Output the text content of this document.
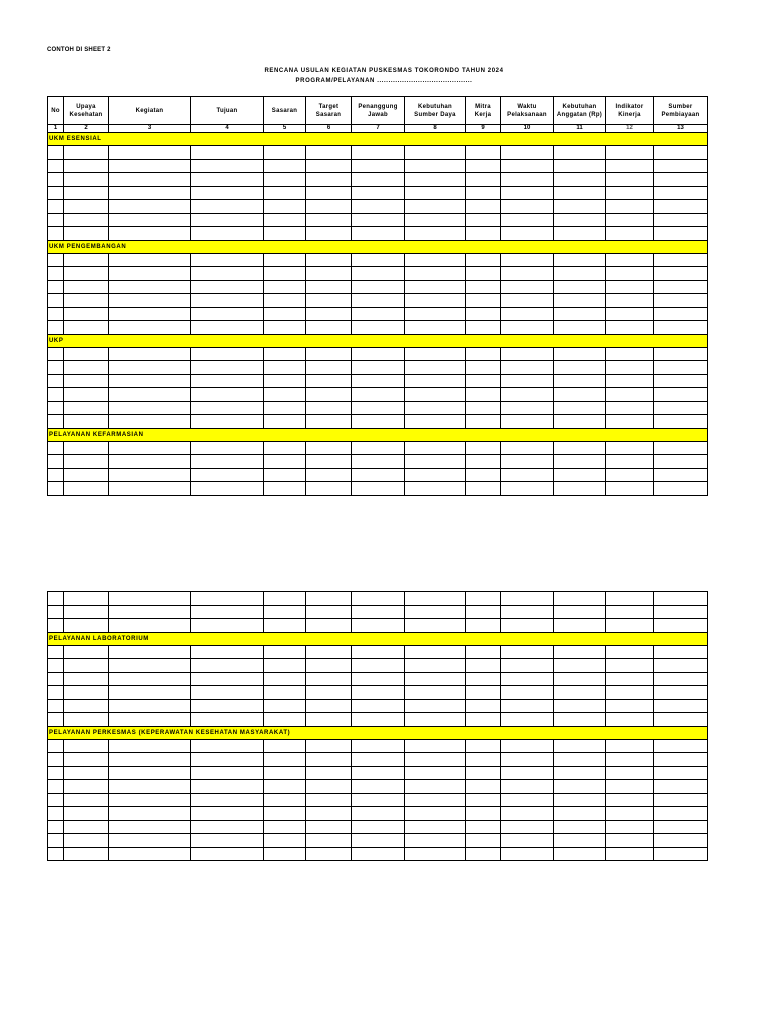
CONTOH DI SHEET 2
RENCANA USULAN KEGIATAN PUSKESMAS TOKORONDO TAHUN 2024
PROGRAM/PELAYANAN ..........................................
No	Upaya Kesehatan	Kegiatan	Tujuan	Sasaran	Target Sasaran	Penanggung Jawab	Kebutuhan Sumber Daya	Mitra Kerja	Waktu Pelaksanaan	Kebutuhan Anggatan (Rp)	Indikator Kinerja	Sumber Pembiayaan
1	2	3	4	5	6	7	8	9	10	11	12	13
UKM ESENSIAL												

UKM PENGEMBANGAN												

UKP												

PELAYANAN KEFARMASIAN												

PELAYANAN LABORATORIUM												

PELAYANAN PERKESMAS (KEPERAWATAN KESEHATAN MASYARAKAT)												
